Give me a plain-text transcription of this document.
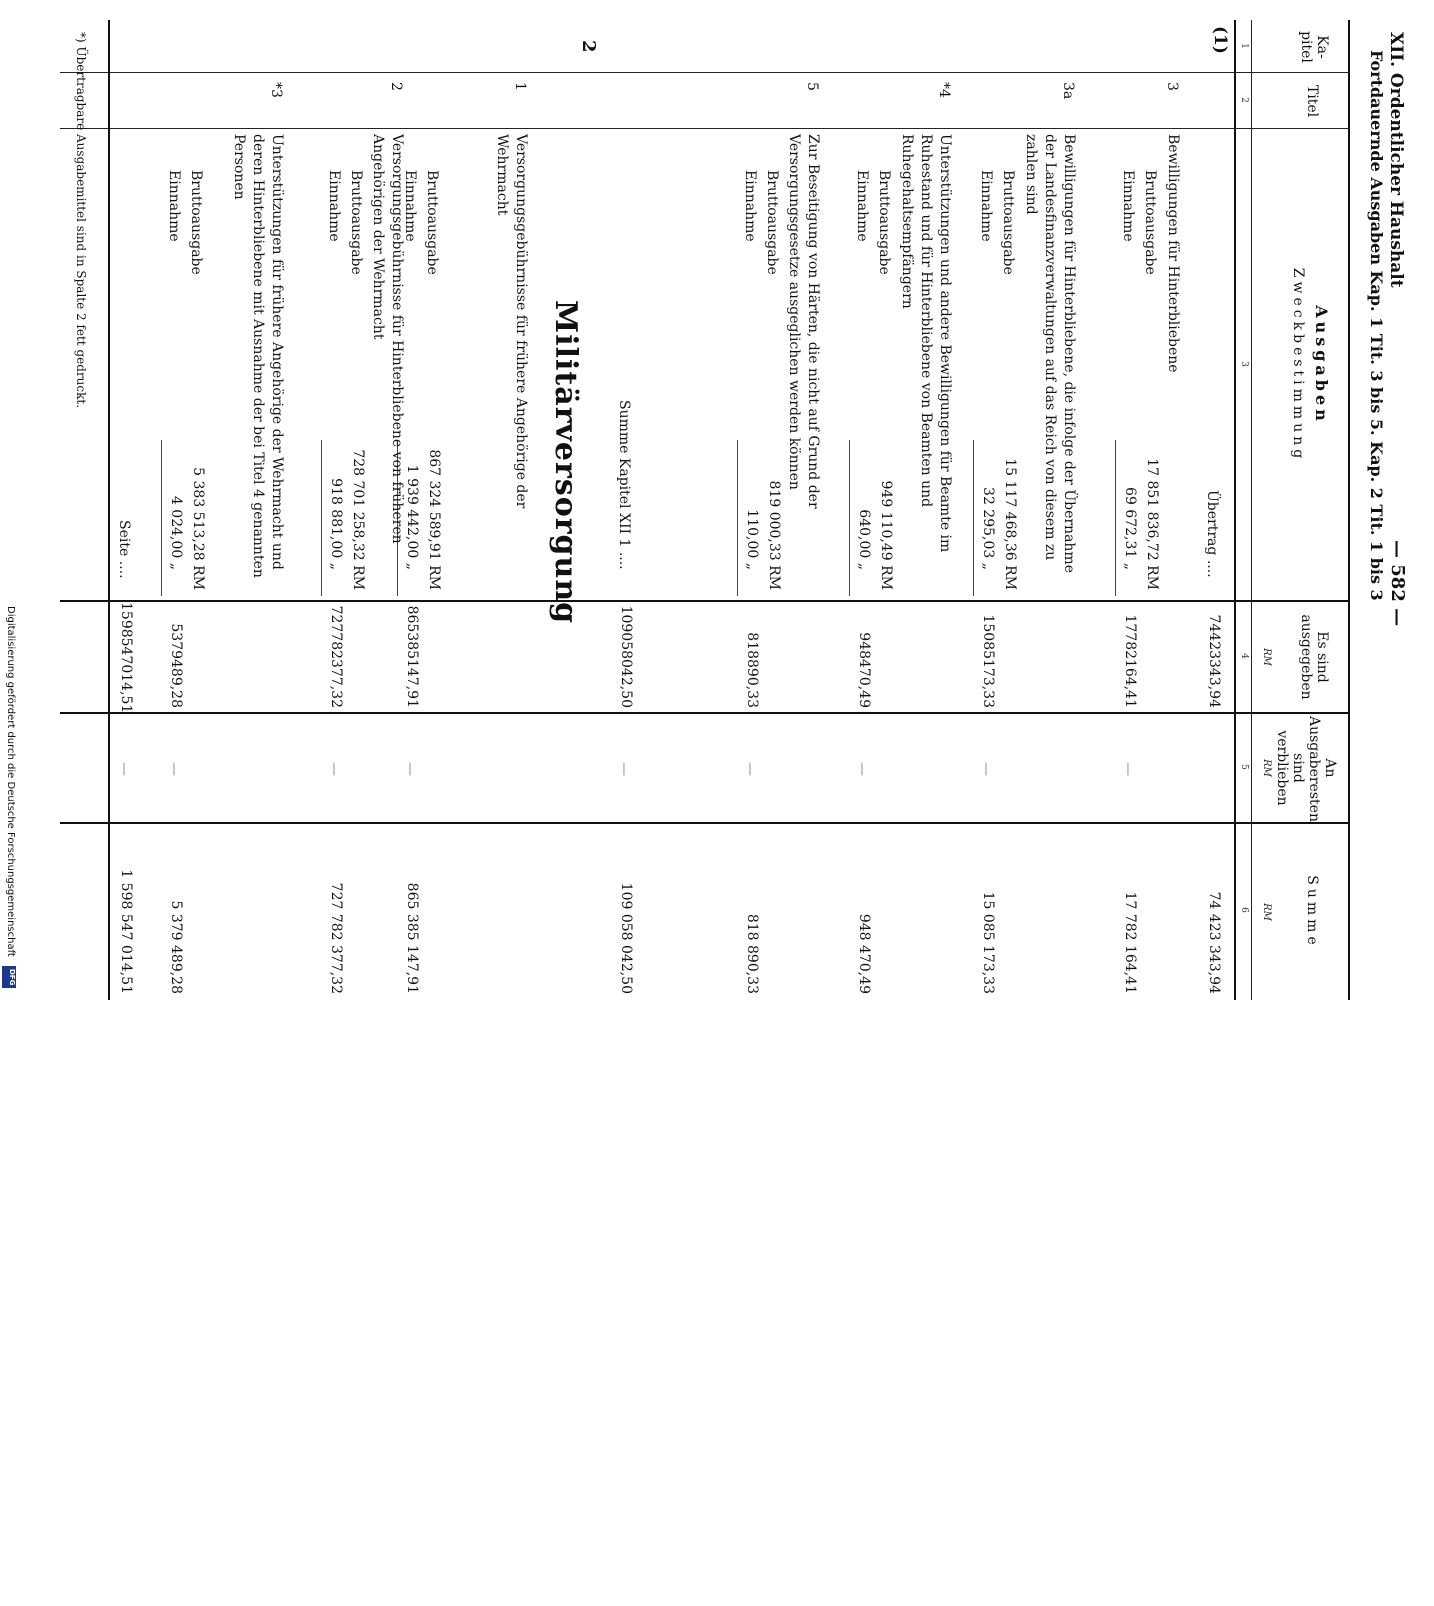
XII. Ordentlicher Haushalt
— 582 —
Fortdauernde Ausgaben Kap. 1 Tit. 3 bis 5. Kap. 2 Tit. 1 bis 3
Ka- pitel
Titel
Ausgaben
Zweckbestimmung
Es sind ausgegeben
An Ausgaberesten sind verblieben
Summe
RM
RM
RM
1
2
3
4
5
6
(1)
Übertrag ....
74423343,94
74 423 343,94
3
Bewilligungen für Hinterbliebene
Bruttoausgabe
17 851 836,72 RM
Einnahme
69 672,31 „
17782164,41
—
17 782 164,41
3a
Bewilligungen für Hinterbliebene, die infolge der Übernahme der Landesfinanzverwaltungen auf das Reich von diesem zu zahlen sind
Bruttoausgabe
15 117 468,36 RM
Einnahme
32 295,03 „
15085173,33
—
15 085 173,33
*4
Unterstützungen und andere Bewilligungen für Beamte im Ruhestand und für Hinterbliebene von Beamten und Ruhegehaltsempfängern
Bruttoausgabe
949 110,49 RM
Einnahme
640,00 „
948470,49
—
948 470,49
5
Zur Beseitigung von Härten, die nicht auf Grund der Versorgungsgesetze ausgeglichen werden können
Bruttoausgabe
819 000,33 RM
Einnahme
110,00 „
818890,33
—
818 890,33
Summe Kapitel XII 1 ....
109058042,50
—
109 058 042,50
2
Militärversorgung
1
Versorgungsgebührnisse für frühere Angehörige der Wehrmacht
Bruttoausgabe
867 324 589,91 RM
Einnahme
1 939 442,00 „
865385147,91
—
865 385 147,91
2
Versorgungsgebührnisse für Hinterbliebene von früheren Angehörigen der Wehrmacht
Bruttoausgabe
728 701 258,32 RM
Einnahme
918 881,00 „
727782377,32
—
727 782 377,32
*3
Unterstützungen für frühere Angehörige der Wehrmacht und deren Hinterbliebene mit Ausnahme der bei Titel 4 genannten Personen
Bruttoausgabe
5 383 513,28 RM
Einnahme
4 024,00 „
5379489,28
—
5 379 489,28
Seite ....
1598547014,51
—
1 598 547 014,51
*) Übertragbare Ausgabemittel sind in Spalte 2 fett gedruckt.
Digitalisierung gefördert durch die Deutsche Forschungsgemeinschaft
DFG
